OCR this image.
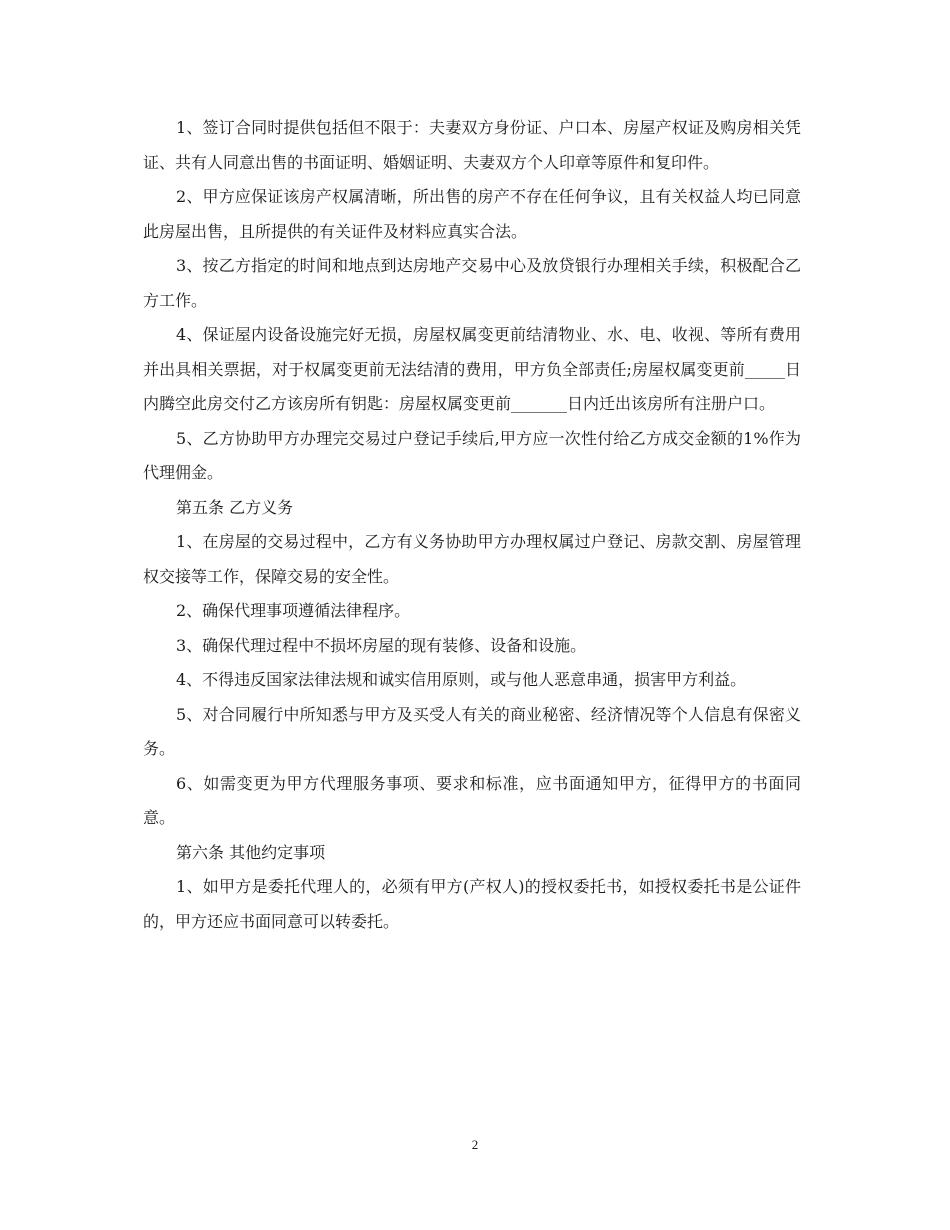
1、签订合同时提供包括但不限于：夫妻双方身份证、户口本、房屋产权证及购房相关凭证、共有人同意出售的书面证明、婚姻证明、夫妻双方个人印章等原件和复印件。

2、甲方应保证该房产权属清晰，所出售的房产不存在任何争议，且有关权益人均已同意此房屋出售，且所提供的有关证件及材料应真实合法。

3、按乙方指定的时间和地点到达房地产交易中心及放贷银行办理相关手续，积极配合乙方工作。

4、保证屋内设备设施完好无损，房屋权属变更前结清物业、水、电、收视、等所有费用并出具相关票据，对于权属变更前无法结清的费用，甲方负全部责任;房屋权属变更前_____日内腾空此房交付乙方该房所有钥匙：房屋权属变更前_______日内迁出该房所有注册户口。

5、乙方协助甲方办理完交易过户登记手续后,甲方应一次性付给乙方成交金额的1%作为代理佣金。

第五条 乙方义务

1、在房屋的交易过程中，乙方有义务协助甲方办理权属过户登记、房款交割、房屋管理权交接等工作，保障交易的安全性。

2、确保代理事项遵循法律程序。

3、确保代理过程中不损坏房屋的现有装修、设备和设施。

4、不得违反国家法律法规和诚实信用原则，或与他人恶意串通，损害甲方利益。

5、对合同履行中所知悉与甲方及买受人有关的商业秘密、经济情况等个人信息有保密义务。

6、如需变更为甲方代理服务事项、要求和标准，应书面通知甲方，征得甲方的书面同意。

第六条 其他约定事项

1、如甲方是委托代理人的，必须有甲方(产权人)的授权委托书，如授权委托书是公证件的，甲方还应书面同意可以转委托。

2
